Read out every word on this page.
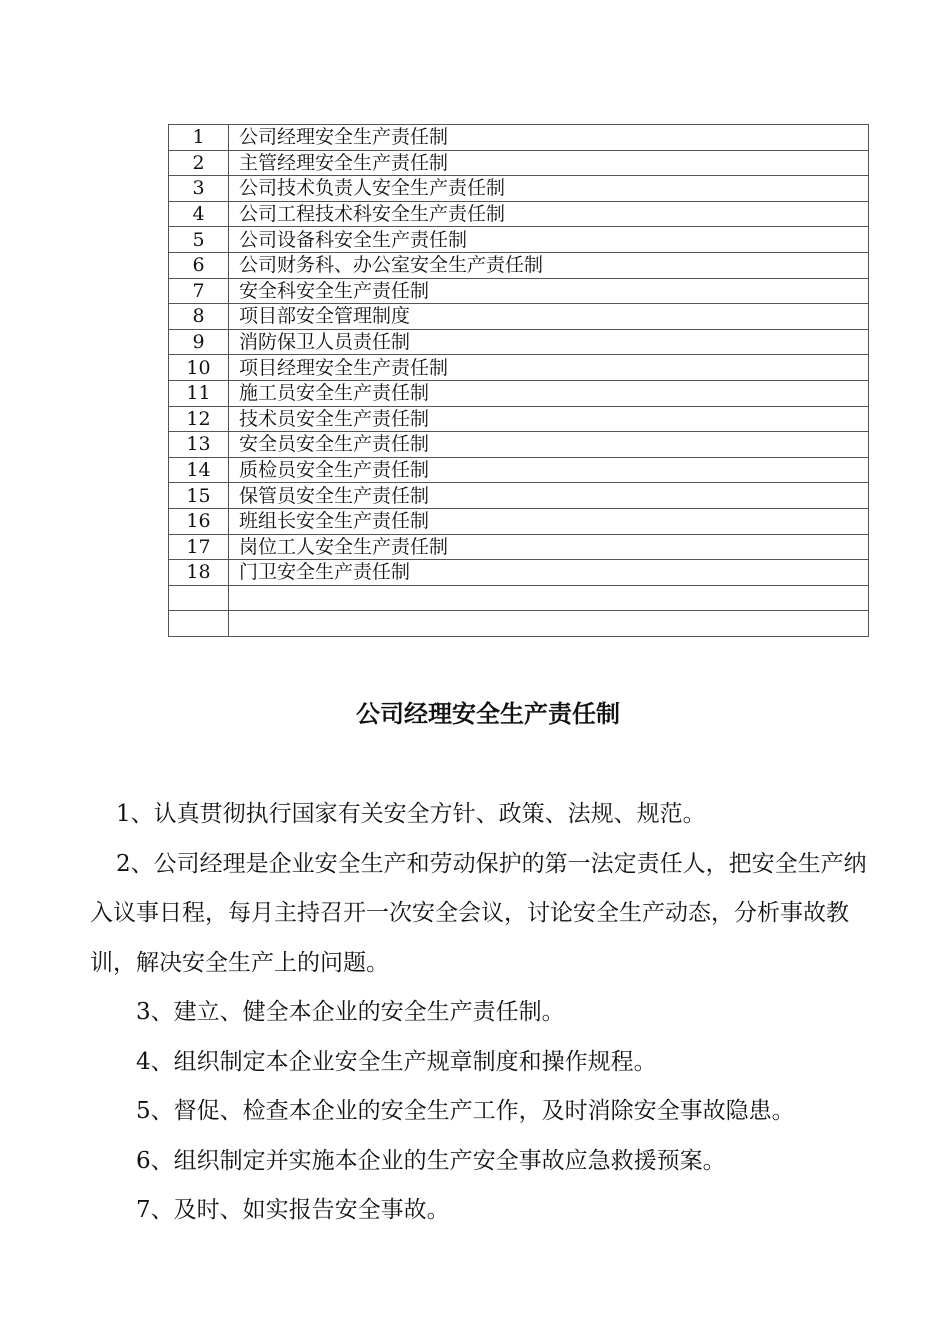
1	公司经理安全生产责任制
2	主管经理安全生产责任制
3	公司技术负责人安全生产责任制
4	公司工程技术科安全生产责任制
5	公司设备科安全生产责任制
6	公司财务科、办公室安全生产责任制
7	安全科安全生产责任制
8	项目部安全管理制度
9	消防保卫人员责任制
10	项目经理安全生产责任制
11	施工员安全生产责任制
12	技术员安全生产责任制
13	安全员安全生产责任制
14	质检员安全生产责任制
15	保管员安全生产责任制
16	班组长安全生产责任制
17	岗位工人安全生产责任制
18	门卫安全生产责任制

公司经理安全生产责任制

1、认真贯彻执行国家有关安全方针、政策、法规、规范。

2、公司经理是企业安全生产和劳动保护的第一法定责任人，把安全生产纳入议事日程，每月主持召开一次安全会议，讨论安全生产动态，分析事故教训，解决安全生产上的问题。

3、建立、健全本企业的安全生产责任制。

4、组织制定本企业安全生产规章制度和操作规程。

5、督促、检查本企业的安全生产工作，及时消除安全事故隐患。

6、组织制定并实施本企业的生产安全事故应急救援预案。

7、及时、如实报告安全事故。
